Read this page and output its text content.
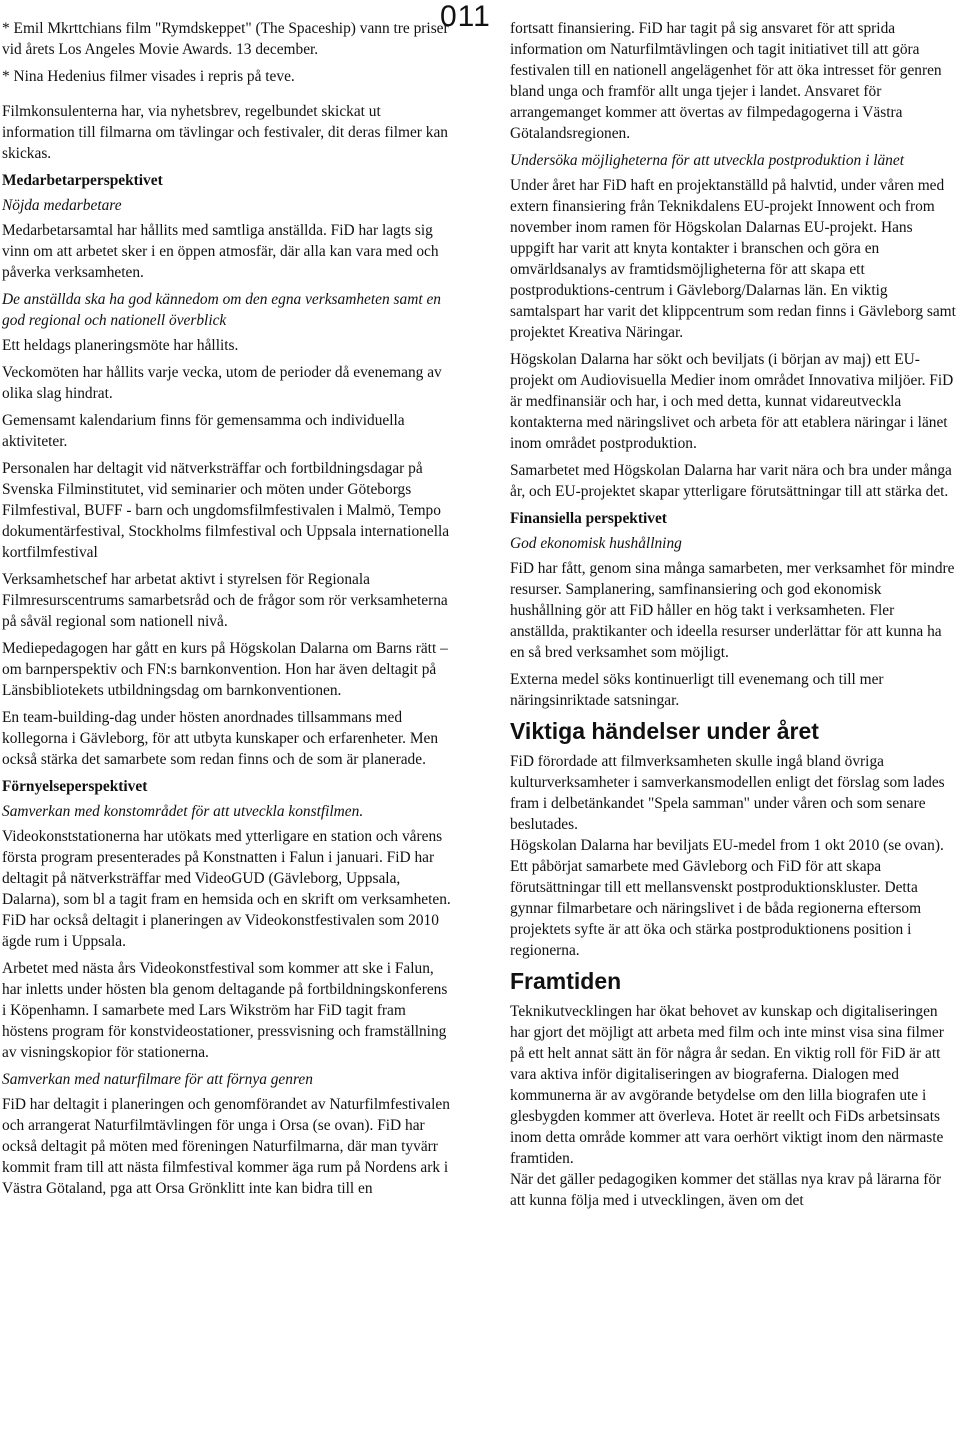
011

* Emil Mkrttchians film "Rymdskeppet" (The Spaceship) vann tre priser vid årets Los Angeles Movie Awards. 13 december.

* Nina Hedenius filmer visades i repris på teve.

Filmkonsulenterna har, via nyhetsbrev, regelbundet skickat ut information till filmarna om tävlingar och festivaler, dit deras filmer kan skickas.

Medarbetarperspektivet

Nöjda medarbetare

Medarbetarsamtal har hållits med samtliga anställda. FiD har lagts sig vinn om att arbetet sker i en öppen atmosfär, där alla kan vara med och påverka verksamheten.

De anställda ska ha god kännedom om den egna verksamheten samt en god regional och nationell överblick

Ett heldags planeringsmöte har hållits.

Veckomöten har hållits varje vecka, utom de perioder då evenemang av olika slag hindrat.

Gemensamt kalendarium finns för gemensamma och individuella aktiviteter.

Personalen har deltagit vid nätverksträffar och fortbildningsdagar på Svenska Filminstitutet, vid seminarier och möten under Göteborgs Filmfestival, BUFF - barn och ungdomsfilmfestivalen i Malmö, Tempo dokumentärfestival, Stockholms filmfestival och Uppsala internationella kortfilmfestival

Verksamhetschef har arbetat aktivt i styrelsen för Regionala Filmresurscentrums samarbetsråd och de frågor som rör verksamheterna på såväl regional som nationell nivå.

Mediepedagogen har gått en kurs på Högskolan Dalarna om Barns rätt – om barnperspektiv och FN:s barnkonvention. Hon har även deltagit på Länsbibliotekets utbildningsdag om barnkonventionen.

En team-building-dag under hösten anordnades tillsammans med kollegorna i Gävleborg, för att utbyta kunskaper och erfarenheter. Men också stärka det samarbete som redan finns och de som är planerade.

Förnyelseperspektivet

Samverkan med konstområdet för att utveckla konstfilmen.

Videokonststationerna har utökats med ytterligare en station och vårens första program presenterades på Konstnatten i Falun i januari. FiD har deltagit på nätverksträffar med VideoGUD (Gävleborg, Uppsala, Dalarna), som bl a tagit fram en hemsida och en skrift om verksamheten. FiD har också deltagit i planeringen av Videokonstfestivalen som 2010 ägde rum i Uppsala.

Arbetet med nästa års Videokonstfestival som kommer att ske i Falun, har inletts under hösten bla genom deltagande på fortbildningskonferens i Köpenhamn. I samarbete med Lars Wikström har FiD tagit fram höstens program för konstvideostationer, pressvisning och framställning av visningskopior för stationerna.

Samverkan med naturfilmare för att förnya genren

FiD har deltagit i planeringen och genomförandet av Naturfilmfestivalen och arrangerat Naturfilmtävlingen för unga i Orsa (se ovan). FiD har också deltagit på möten med föreningen Naturfilmarna, där man tyvärr kommit fram till att nästa filmfestival kommer äga rum på Nordens ark i Västra Götaland, pga att Orsa Grönklitt inte kan bidra till en

fortsatt finansiering. FiD har tagit på sig ansvaret för att sprida information om Naturfilmtävlingen och tagit initiativet till att göra festivalen till en nationell angelägenhet för att öka intresset för genren bland unga och framför allt unga tjejer i landet. Ansvaret för arrangemanget kommer att övertas av filmpedagogerna i Västra Götalandsregionen.

Undersöka möjligheterna för att utveckla postproduktion i länet

Under året har FiD haft en projektanställd på halvtid, under våren med extern finansiering från Teknikdalens EU-projekt Innowent och from november inom ramen för Högskolan Dalarnas EU-projekt. Hans uppgift har varit att knyta kontakter i branschen och göra en omvärldsanalys av framtidsmöjligheterna för att skapa ett postproduktions-centrum i Gävleborg/Dalarnas län. En viktig samtalspart har varit det klippcentrum som redan finns i Gävleborg samt projektet Kreativa Näringar.

Högskolan Dalarna har sökt och beviljats (i början av maj) ett EU-projekt om Audiovisuella Medier inom området Innovativa miljöer. FiD är medfinansiär och har, i och med detta, kunnat vidareutveckla kontakterna med näringslivet och arbeta för att etablera näringar i länet inom området postproduktion.

Samarbetet med Högskolan Dalarna har varit nära och bra under många år, och EU-projektet skapar ytterligare förutsättningar till att stärka det.

Finansiella perspektivet

God ekonomisk hushållning

FiD har fått, genom sina många samarbeten, mer verksamhet för mindre resurser. Samplanering, samfinansiering och god ekonomisk hushållning gör att FiD håller en hög takt i verksamheten. Fler anställda, praktikanter och ideella resurser underlättar för att kunna ha en så bred verksamhet som möjligt.

Externa medel söks kontinuerligt till evenemang och till mer näringsinriktade satsningar.

Viktiga händelser under året

FiD förordade att filmverksamheten skulle ingå bland övriga kulturverksamheter i samverkansmodellen enligt det förslag som lades fram i delbetänkandet "Spela samman" under våren och som senare beslutades.

Högskolan Dalarna har beviljats EU-medel from 1 okt 2010 (se ovan).

Ett påbörjat samarbete med Gävleborg och FiD för att skapa förutsättningar till ett mellansvenskt postproduktionskluster. Detta gynnar filmarbetare och näringslivet i de båda regionerna eftersom projektets syfte är att öka och stärka postproduktionens position i regionerna.

Framtiden

Teknikutvecklingen har ökat behovet av kunskap och digitaliseringen har gjort det möjligt att arbeta med film och inte minst visa sina filmer på ett helt annat sätt än för några år sedan. En viktig roll för FiD är att vara aktiva inför digitaliseringen av biograferna. Dialogen med kommunerna är av avgörande betydelse om den lilla biografen ute i glesbygden kommer att överleva. Hotet är reellt och FiDs arbetsinsats inom detta område kommer att vara oerhört viktigt inom den närmaste framtiden.

När det gäller pedagogiken kommer det ställas nya krav på lärarna för att kunna följa med i utvecklingen, även om det
